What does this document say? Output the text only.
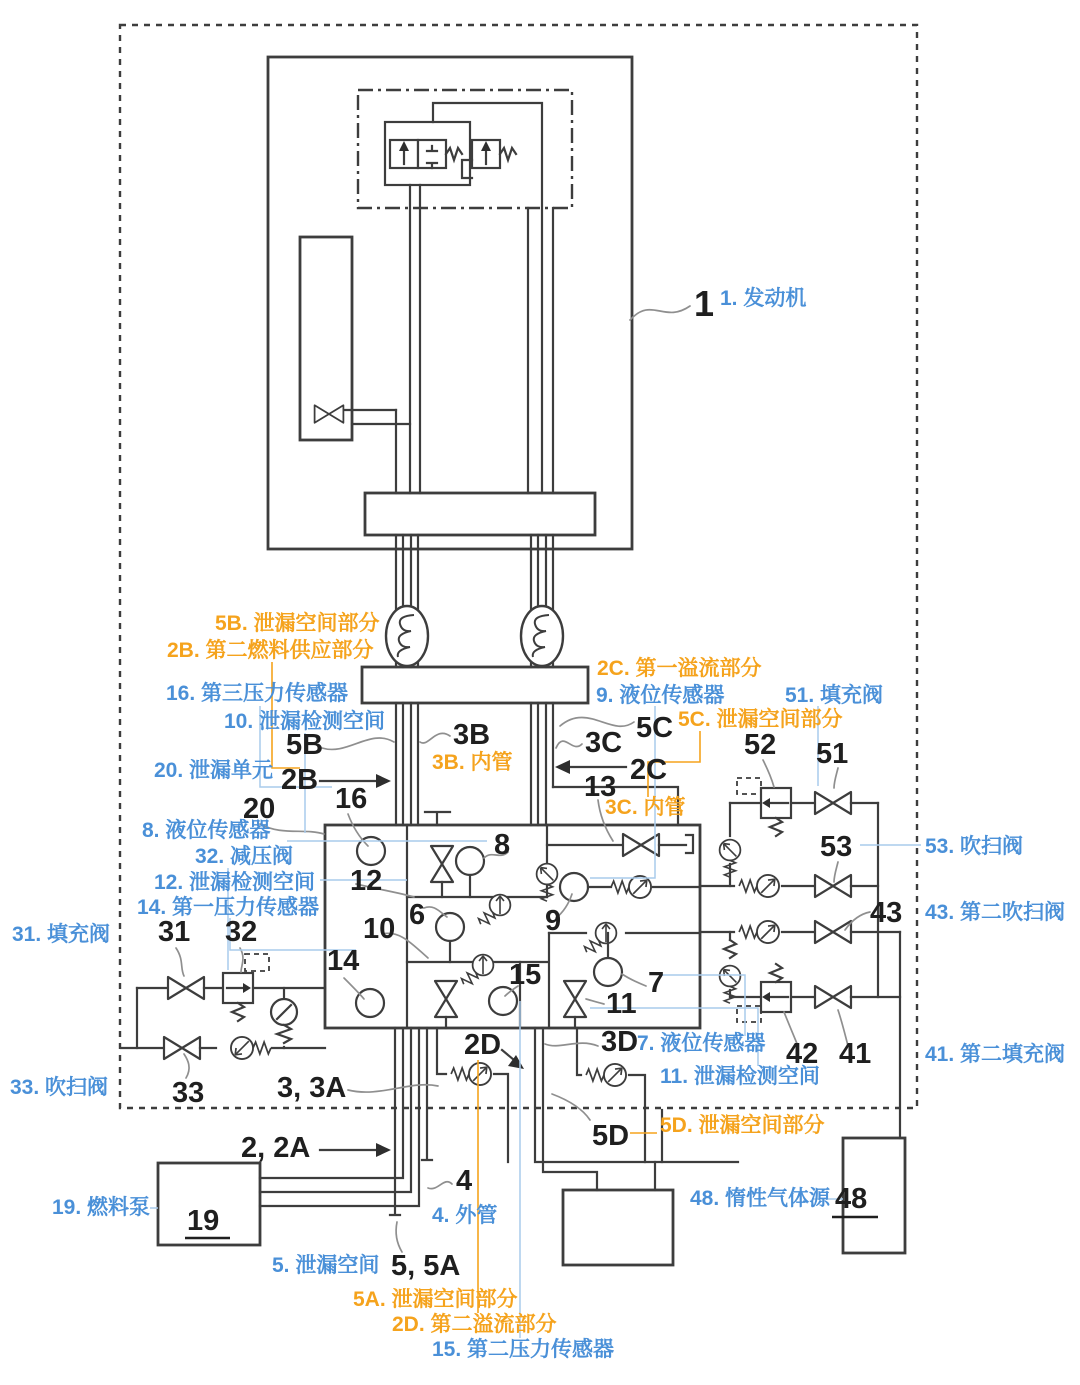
1
5B
2B
16
20
3B	3C
2C
13
5C
8
12
6
10
14	15
9
7
11
31 32
33	3, 3A
2, 2A
19
4
5, 5A
2D	3D
5D
51
52
53
43
42 41
48
1. 发动机
16. 第三压力传感器
10. 泄漏检测空间
20. 泄漏单元
8. 液位传感器
32. 减压阀
12. 泄漏检测空间
14. 第一压力传感器
31. 填充阀
33. 吹扫阀
9. 液位传感器	51. 填充阀
53. 吹扫阀
43. 第二吹扫阀
41. 第二填充阀
7. 液位传感器
11. 泄漏检测空间
19. 燃料泵	4. 外管
5. 泄漏空间
15. 第二压力传感器
48. 惰性气体源
5B. 泄漏空间部分
2B. 第二燃料供应部分
2C. 第一溢流部分
5C. 泄漏空间部分
3B. 内管
3C. 内管
5D. 泄漏空间部分
5A. 泄漏空间部分
2D. 第二溢流部分
